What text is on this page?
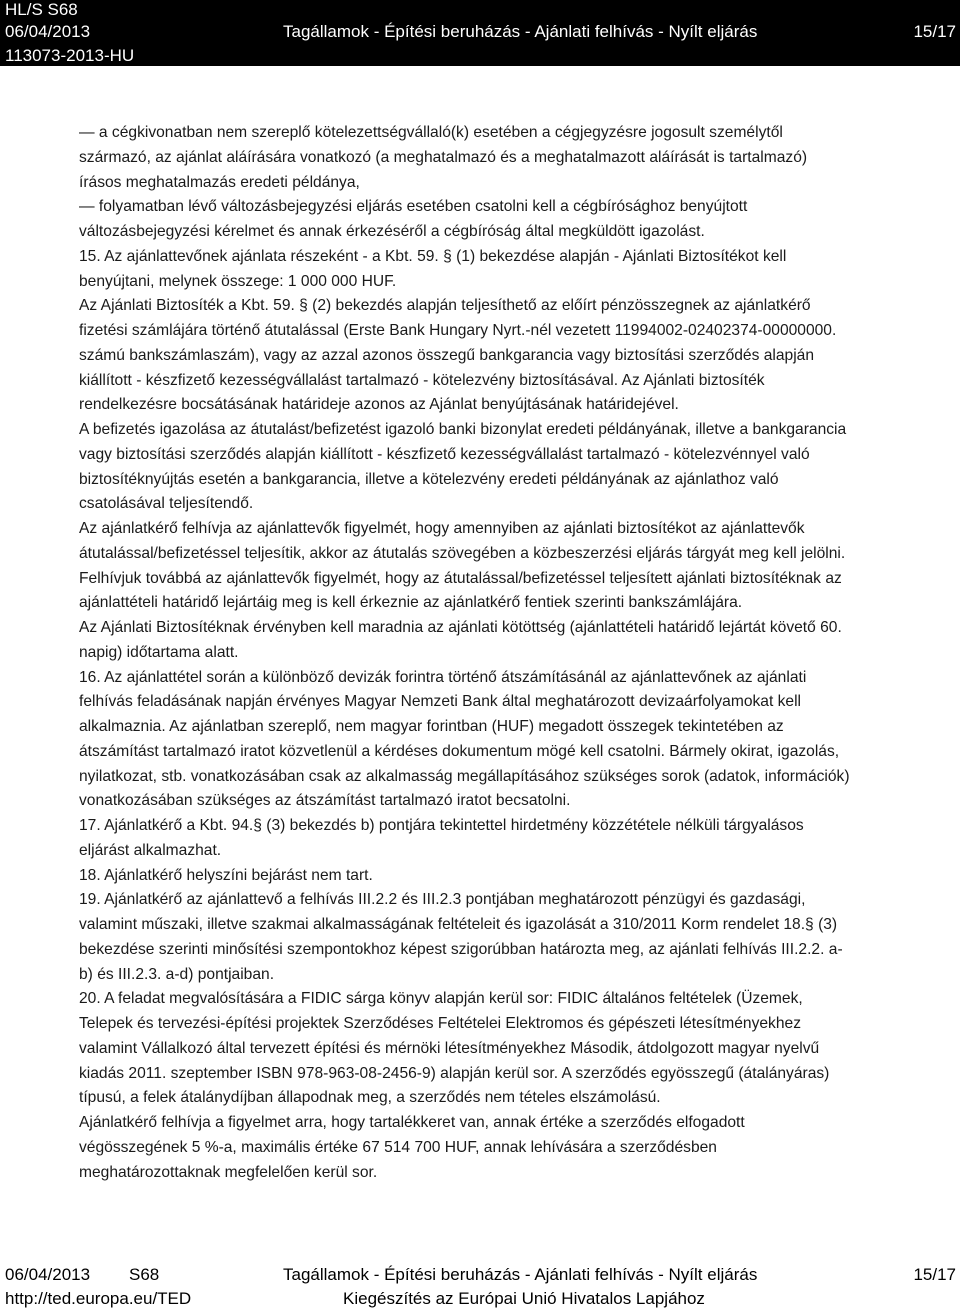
HL/S S68
06/04/2013	Tagállamok - Építési beruházás - Ajánlati felhívás - Nyílt eljárás	15/17
113073-2013-HU
— a cégkivonatban nem szereplő kötelezettségvállaló(k) esetében a cégjegyzésre jogosult személytől
származó, az ajánlat aláírására vonatkozó (a meghatalmazó és a meghatalmazott aláírását is tartalmazó)
írásos meghatalmazás eredeti példánya,
— folyamatban lévő változásbejegyzési eljárás esetében csatolni kell a cégbírósághoz benyújtott
változásbejegyzési kérelmet és annak érkezéséről a cégbíróság által megküldött igazolást.
15. Az ajánlattevőnek ajánlata részeként - a Kbt. 59. § (1) bekezdése alapján - Ajánlati Biztosítékot kell
benyújtani, melynek összege: 1 000 000 HUF.
Az Ajánlati Biztosíték a Kbt. 59. § (2) bekezdés alapján teljesíthető az előírt pénzösszegnek az ajánlatkérő
fizetési számlájára történő átutalással (Erste Bank Hungary Nyrt.-nél vezetett 11994002-02402374-00000000.
számú bankszámlaszám), vagy az azzal azonos összegű bankgarancia vagy biztosítási szerződés alapján
kiállított - készfizető kezességvállalást tartalmazó - kötelezvény biztosításával. Az Ajánlati biztosíték
rendelkezésre bocsátásának határideje azonos az Ajánlat benyújtásának határidejével.
A befizetés igazolása az átutalást/befizetést igazoló banki bizonylat eredeti példányának, illetve a bankgarancia
vagy biztosítási szerződés alapján kiállított - készfizető kezességvállalást tartalmazó - kötelezvénnyel való
biztosítéknyújtás esetén a bankgarancia, illetve a kötelezvény eredeti példányának az ajánlathoz való
csatolásával teljesítendő.
Az ajánlatkérő felhívja az ajánlattevők figyelmét, hogy amennyiben az ajánlati biztosítékot az ajánlattevők
átutalással/befizetéssel teljesítik, akkor az átutalás szövegében a közbeszerzési eljárás tárgyát meg kell jelölni.
Felhívjuk továbbá az ajánlattevők figyelmét, hogy az átutalással/befizetéssel teljesített ajánlati biztosítéknak az
ajánlattételi határidő lejártáig meg is kell érkeznie az ajánlatkérő fentiek szerinti bankszámlájára.
Az Ajánlati Biztosítéknak érvényben kell maradnia az ajánlati kötöttség (ajánlattételi határidő lejártát követő 60.
napig) időtartama alatt.
16. Az ajánlattétel során a különböző devizák forintra történő átszámításánál az ajánlattevőnek az ajánlati
felhívás feladásának napján érvényes Magyar Nemzeti Bank által meghatározott devizaárfolyamokat kell
alkalmaznia. Az ajánlatban szereplő, nem magyar forintban (HUF) megadott összegek tekintetében az
átszámítást tartalmazó iratot közvetlenül a kérdéses dokumentum mögé kell csatolni. Bármely okirat, igazolás,
nyilatkozat, stb. vonatkozásában csak az alkalmasság megállapításához szükséges sorok (adatok, információk)
vonatkozásában szükséges az átszámítást tartalmazó iratot becsatolni.
17. Ajánlatkérő a Kbt. 94.§ (3) bekezdés b) pontjára tekintettel hirdetmény közzététele nélküli tárgyalásos
eljárást alkalmazhat.
18. Ajánlatkérő helyszíni bejárást nem tart.
19. Ajánlatkérő az ajánlattevő a felhívás III.2.2 és III.2.3 pontjában meghatározott pénzügyi és gazdasági,
valamint műszaki, illetve szakmai alkalmasságának feltételeit és igazolását a 310/2011 Korm rendelet 18.§ (3)
bekezdése szerinti minősítési szempontokhoz képest szigorúbban határozta meg, az ajánlati felhívás III.2.2. a-
b) és III.2.3. a-d) pontjaiban.
20. A feladat megvalósítására a FIDIC sárga könyv alapján kerül sor: FIDIC általános feltételek (Üzemek,
Telepek és tervezési-építési projektek Szerződéses Feltételei Elektromos és gépészeti létesítményekhez
valamint Vállalkozó által tervezett építési és mérnöki létesítményekhez Második, átdolgozott magyar nyelvű
kiadás 2011. szeptember ISBN 978-963-08-2456-9) alapján kerül sor. A szerződés egyösszegű (átalányáras)
típusú, a felek átalánydíjban állapodnak meg, a szerződés nem tételes elszámolású.
Ajánlatkérő felhívja a figyelmet arra, hogy tartalékkeret van, annak értéke a szerződés elfogadott
végösszegének 5 %-a, maximális értéke 67 514 700 HUF, annak lehívására a szerződésben
meghatározottaknak megfelelően kerül sor.
06/04/2013 S68	Tagállamok - Építési beruházás - Ajánlati felhívás - Nyílt eljárás	15/17
http://ted.europa.eu/TED	Kiegészítés az Európai Unió Hivatalos Lapjához
